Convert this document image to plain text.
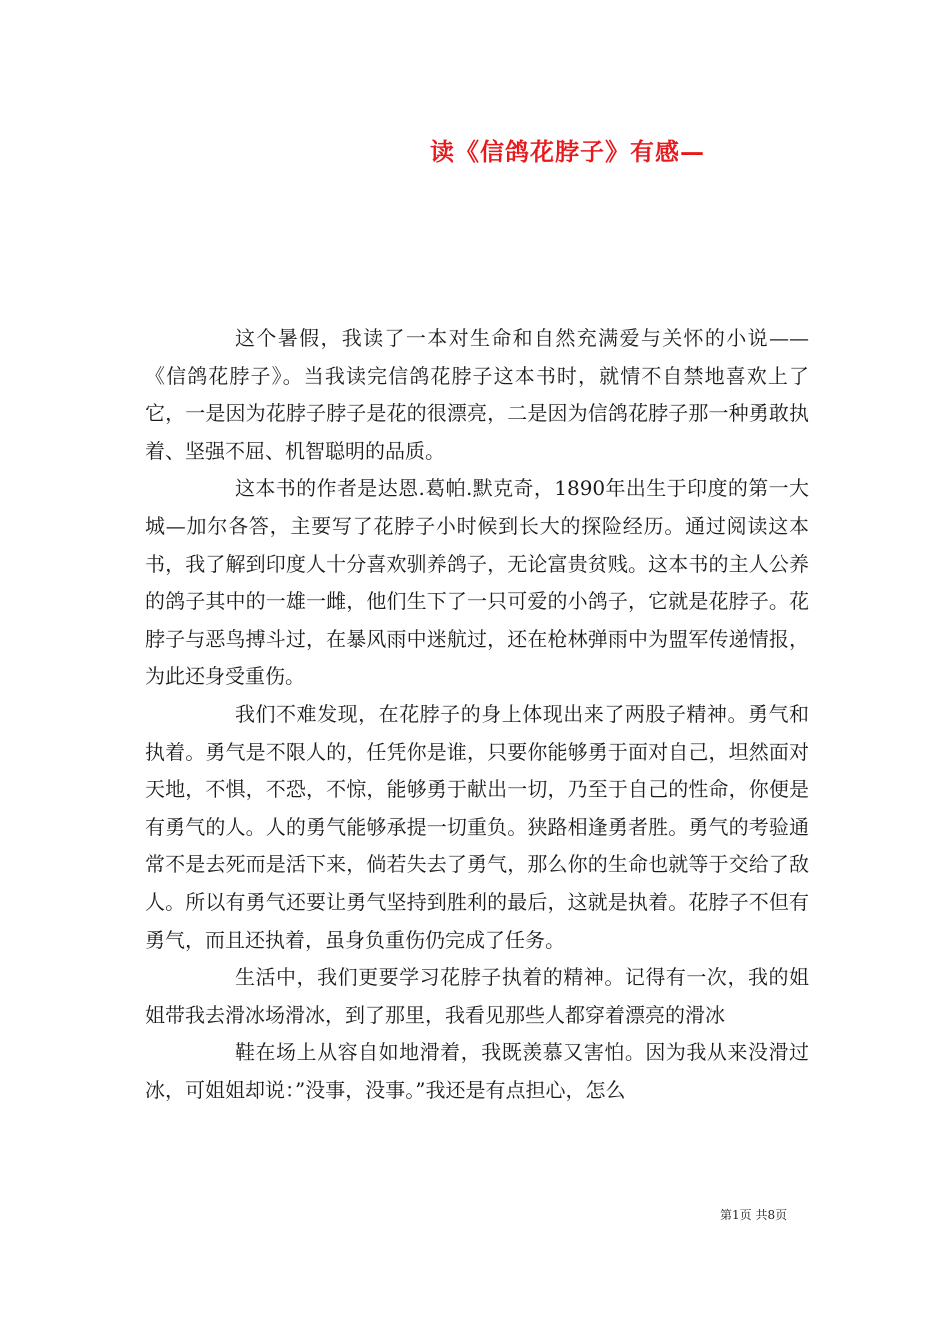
读《信鸽花脖子》有感—

这个暑假，我读了一本对生命和自然充满爱与关怀的小说——《信鸽花脖子》。当我读完信鸽花脖子这本书时，就情不自禁地喜欢上了它，一是因为花脖子脖子是花的很漂亮，二是因为信鸽花脖子那一种勇敢执着、坚强不屈、机智聪明的品质。

这本书的作者是达恩.葛帕.默克奇，1890年出生于印度的第一大城—加尔各答，主要写了花脖子小时候到长大的探险经历。通过阅读这本书，我了解到印度人十分喜欢驯养鸽子，无论富贵贫贱。这本书的主人公养的鸽子其中的一雄一雌，他们生下了一只可爱的小鸽子，它就是花脖子。花脖子与恶鸟搏斗过，在暴风雨中迷航过，还在枪林弹雨中为盟军传递情报，为此还身受重伤。

我们不难发现，在花脖子的身上体现出来了两股子精神。勇气和执着。勇气是不限人的，任凭你是谁，只要你能够勇于面对自己，坦然面对天地，不惧，不恐，不惊，能够勇于献出一切，乃至于自己的性命，你便是有勇气的人。人的勇气能够承提一切重负。狭路相逢勇者胜。勇气的考验通常不是去死而是活下来，倘若失去了勇气，那么你的生命也就等于交给了敌人。所以有勇气还要让勇气坚持到胜利的最后，这就是执着。花脖子不但有勇气，而且还执着，虽身负重伤仍完成了任务。

生活中，我们更要学习花脖子执着的精神。记得有一次，我的姐姐带我去滑冰场滑冰，到了那里，我看见那些人都穿着漂亮的滑冰

鞋在场上从容自如地滑着，我既羡慕又害怕。因为我从来没滑过冰，可姐姐却说：”没事，没事。”我还是有点担心，怎么

第1页 共8页
